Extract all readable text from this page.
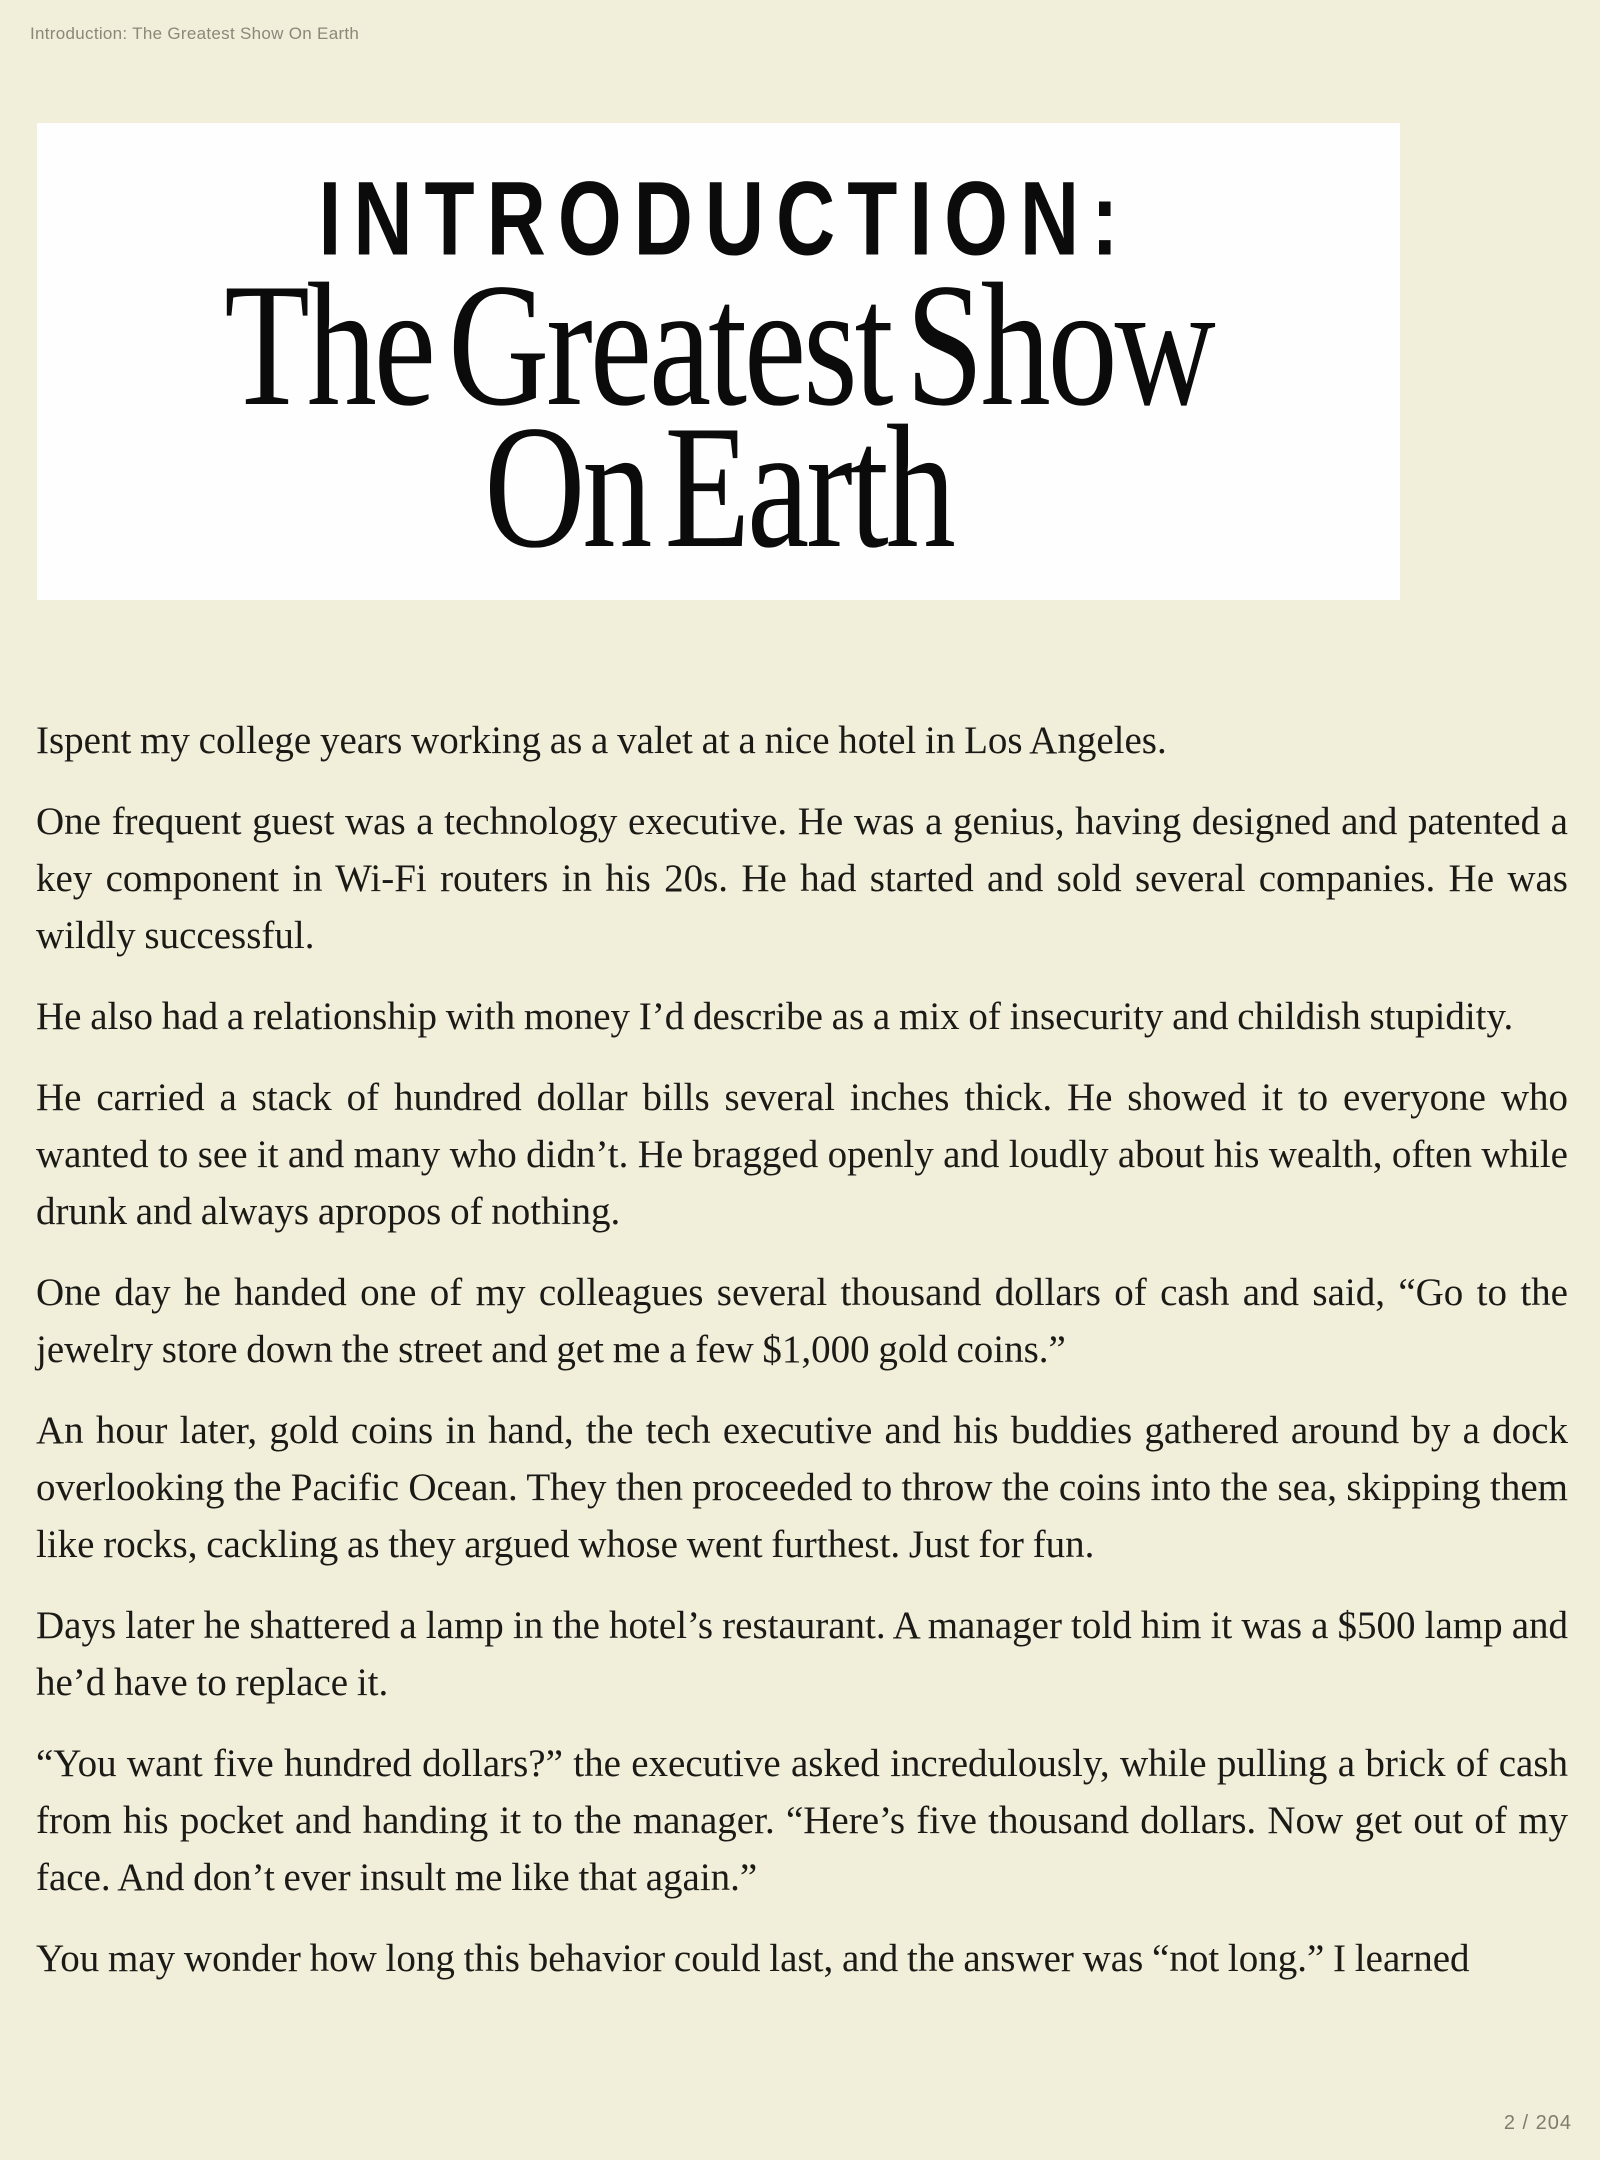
Introduction: The Greatest Show On Earth
INTRODUCTION:
The Greatest Show
On Earth

Ispent my college years working as a valet at a nice hotel in Los Angeles.

One frequent guest was a technology executive. He was a genius, having designed and patented a key component in Wi-Fi routers in his 20s. He had started and sold several companies. He was wildly successful.

He also had a relationship with money I’d describe as a mix of insecurity and childish stupidity.

He carried a stack of hundred dollar bills several inches thick. He showed it to everyone who wanted to see it and many who didn’t. He bragged openly and loudly about his wealth, often while drunk and always apropos of nothing.

One day he handed one of my colleagues several thousand dollars of cash and said, “Go to the jewelry store down the street and get me a few $1,000 gold coins.”

An hour later, gold coins in hand, the tech executive and his buddies gathered around by a dock overlooking the Pacific Ocean. They then proceeded to throw the coins into the sea, skipping them like rocks, cackling as they argued whose went furthest. Just for fun.

Days later he shattered a lamp in the hotel’s restaurant. A manager told him it was a $500 lamp and he’d have to replace it.

“You want five hundred dollars?” the executive asked incredulously, while pulling a brick of cash from his pocket and handing it to the manager. “Here’s five thousand dollars. Now get out of my face. And don’t ever insult me like that again.”

You may wonder how long this behavior could last, and the answer was “not long.” I learned

2 / 204
